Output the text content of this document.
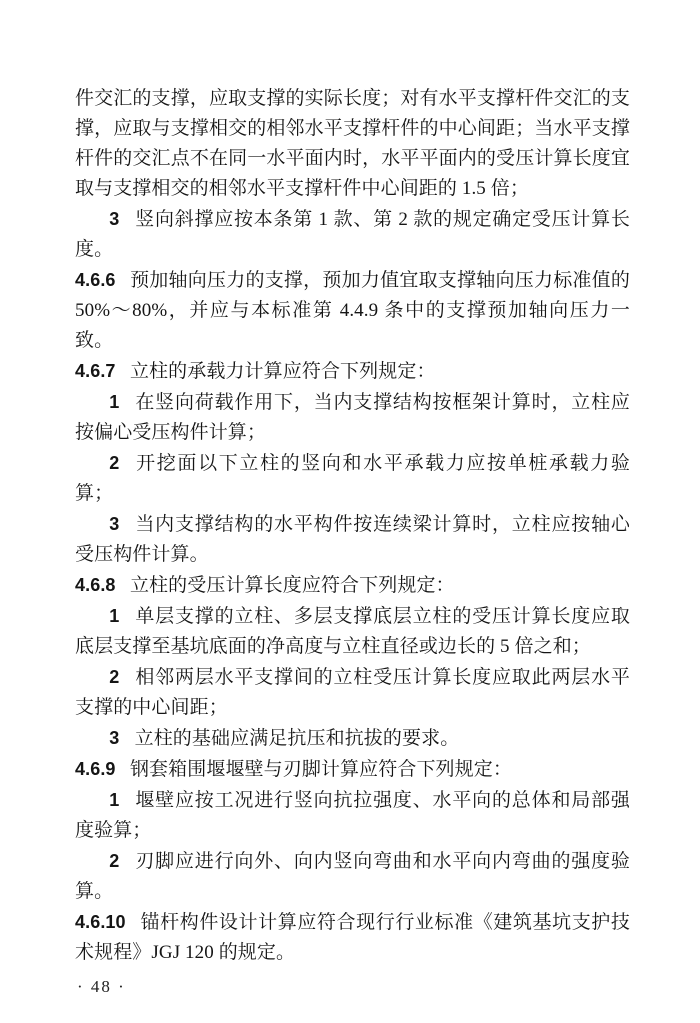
件交汇的支撑，应取支撑的实际长度；对有水平支撑杆件交汇的支撑，应取与支撑相交的相邻水平支撑杆件的中心间距；当水平支撑杆件的交汇点不在同一水平面内时，水平平面内的受压计算长度宜取与支撑相交的相邻水平支撑杆件中心间距的 1.5 倍；

3 竖向斜撑应按本条第 1 款、第 2 款的规定确定受压计算长度。

4.6.6 预加轴向压力的支撑，预加力值宜取支撑轴向压力标准值的 50%～80%，并应与本标准第 4.4.9 条中的支撑预加轴向压力一致。

4.6.7 立柱的承载力计算应符合下列规定：

1 在竖向荷载作用下，当内支撑结构按框架计算时，立柱应按偏心受压构件计算；

2 开挖面以下立柱的竖向和水平承载力应按单桩承载力验算；

3 当内支撑结构的水平构件按连续梁计算时，立柱应按轴心受压构件计算。

4.6.8 立柱的受压计算长度应符合下列规定：

1 单层支撑的立柱、多层支撑底层立柱的受压计算长度应取底层支撑至基坑底面的净高度与立柱直径或边长的 5 倍之和；

2 相邻两层水平支撑间的立柱受压计算长度应取此两层水平支撑的中心间距；

3 立柱的基础应满足抗压和抗拔的要求。

4.6.9 钢套箱围堰堰壁与刃脚计算应符合下列规定：

1 堰壁应按工况进行竖向抗拉强度、水平向的总体和局部强度验算；

2 刃脚应进行向外、向内竖向弯曲和水平向内弯曲的强度验算。

4.6.10 锚杆构件设计计算应符合现行行业标准《建筑基坑支护技术规程》JGJ 120 的规定。

· 48 ·
